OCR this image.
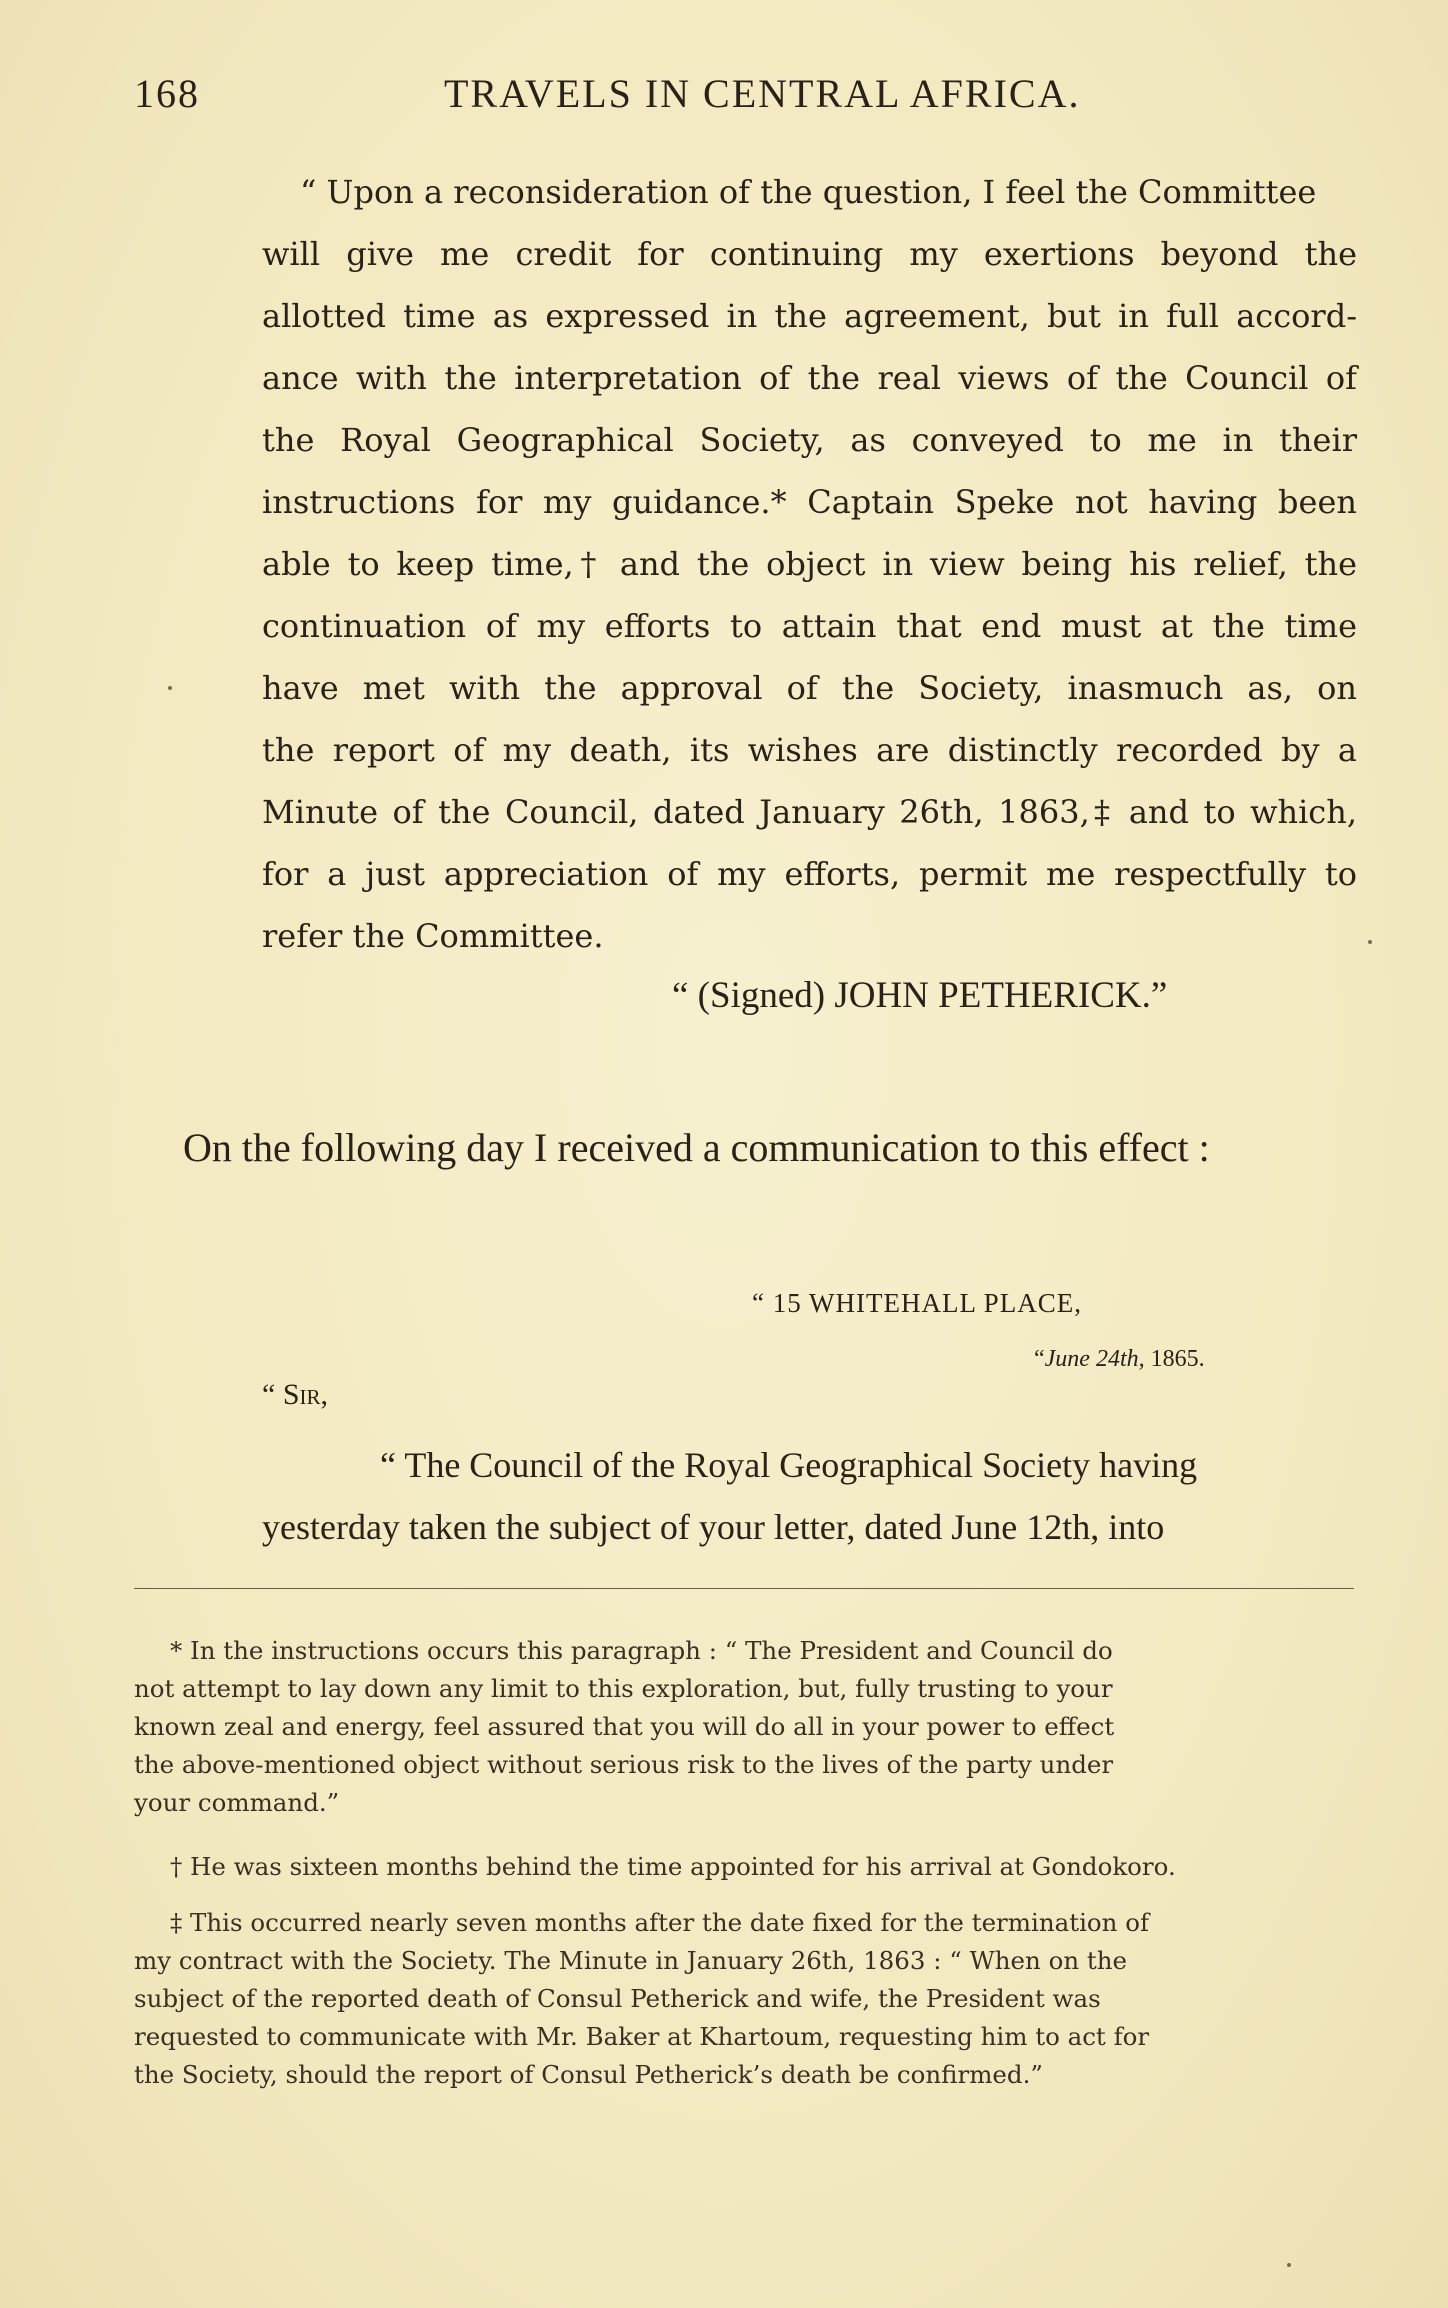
168	TRAVELS IN CENTRAL AFRICA.
“ Upon a reconsideration of the question, I feel the Committee
will give me credit for continuing my exertions beyond the
allotted time as expressed in the agreement, but in full accord-
ance with the interpretation of the real views of the Council of
the Royal Geographical Society, as conveyed to me in their
instructions for my guidance.* Captain Speke not having been
able to keep time,† and the object in view being his relief, the
continuation of my efforts to attain that end must at the time
have met with the approval of the Society, inasmuch as, on
the report of my death, its wishes are distinctly recorded by a
Minute of the Council, dated January 26th, 1863,‡ and to which,
for a just appreciation of my efforts, permit me respectfully to
refer the Committee.
“ (Signed) JOHN PETHERICK.”
On the following day I received a communication to this effect :
“ 15 WHITEHALL PLACE,
“June 24th, 1865.
“ Sir,
“ The Council of the Royal Geographical Society having
yesterday taken the subject of your letter, dated June 12th, into
* In the instructions occurs this paragraph : “ The President and Council do
not attempt to lay down any limit to this exploration, but, fully trusting to your
known zeal and energy, feel assured that you will do all in your power to effect
the above-mentioned object without serious risk to the lives of the party under
your command.”
† He was sixteen months behind the time appointed for his arrival at Gondokoro.
‡ This occurred nearly seven months after the date fixed for the termination of
my contract with the Society. The Minute in January 26th, 1863 : “ When on the
subject of the reported death of Consul Petherick and wife, the President was
requested to communicate with Mr. Baker at Khartoum, requesting him to act for
the Society, should the report of Consul Petherick’s death be confirmed.”
